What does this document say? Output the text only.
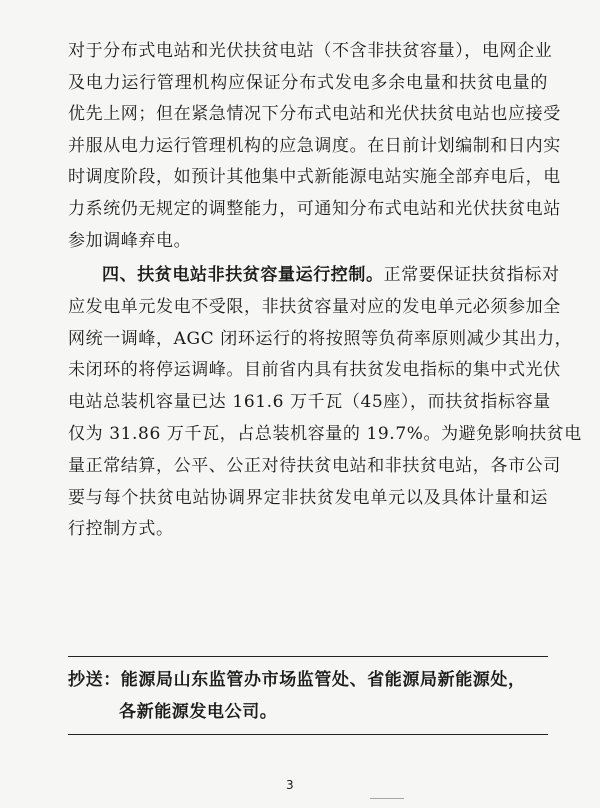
对于分布式电站和光伏扶贫电站（不含非扶贫容量），电网企业
及电力运行管理机构应保证分布式发电多余电量和扶贫电量的
优先上网；但在紧急情况下分布式电站和光伏扶贫电站也应接受
并服从电力运行管理机构的应急调度。在日前计划编制和日内实
时调度阶段，如预计其他集中式新能源电站实施全部弃电后，电
力系统仍无规定的调整能力，可通知分布式电站和光伏扶贫电站
参加调峰弃电。
四、扶贫电站非扶贫容量运行控制。正常要保证扶贫指标对
应发电单元发电不受限，非扶贫容量对应的发电单元必须参加全
网统一调峰，AGC 闭环运行的将按照等负荷率原则减少其出力，
未闭环的将停运调峰。目前省内具有扶贫发电指标的集中式光伏
电站总装机容量已达 161.6 万千瓦（45座），而扶贫指标容量
仅为 31.86 万千瓦，占总装机容量的 19.7%。为避免影响扶贫电
量正常结算，公平、公正对待扶贫电站和非扶贫电站，各市公司
要与每个扶贫电站协调界定非扶贫发电单元以及具体计量和运
行控制方式。
抄送：能源局山东监管办市场监管处、省能源局新能源处，
各新能源发电公司。
3
